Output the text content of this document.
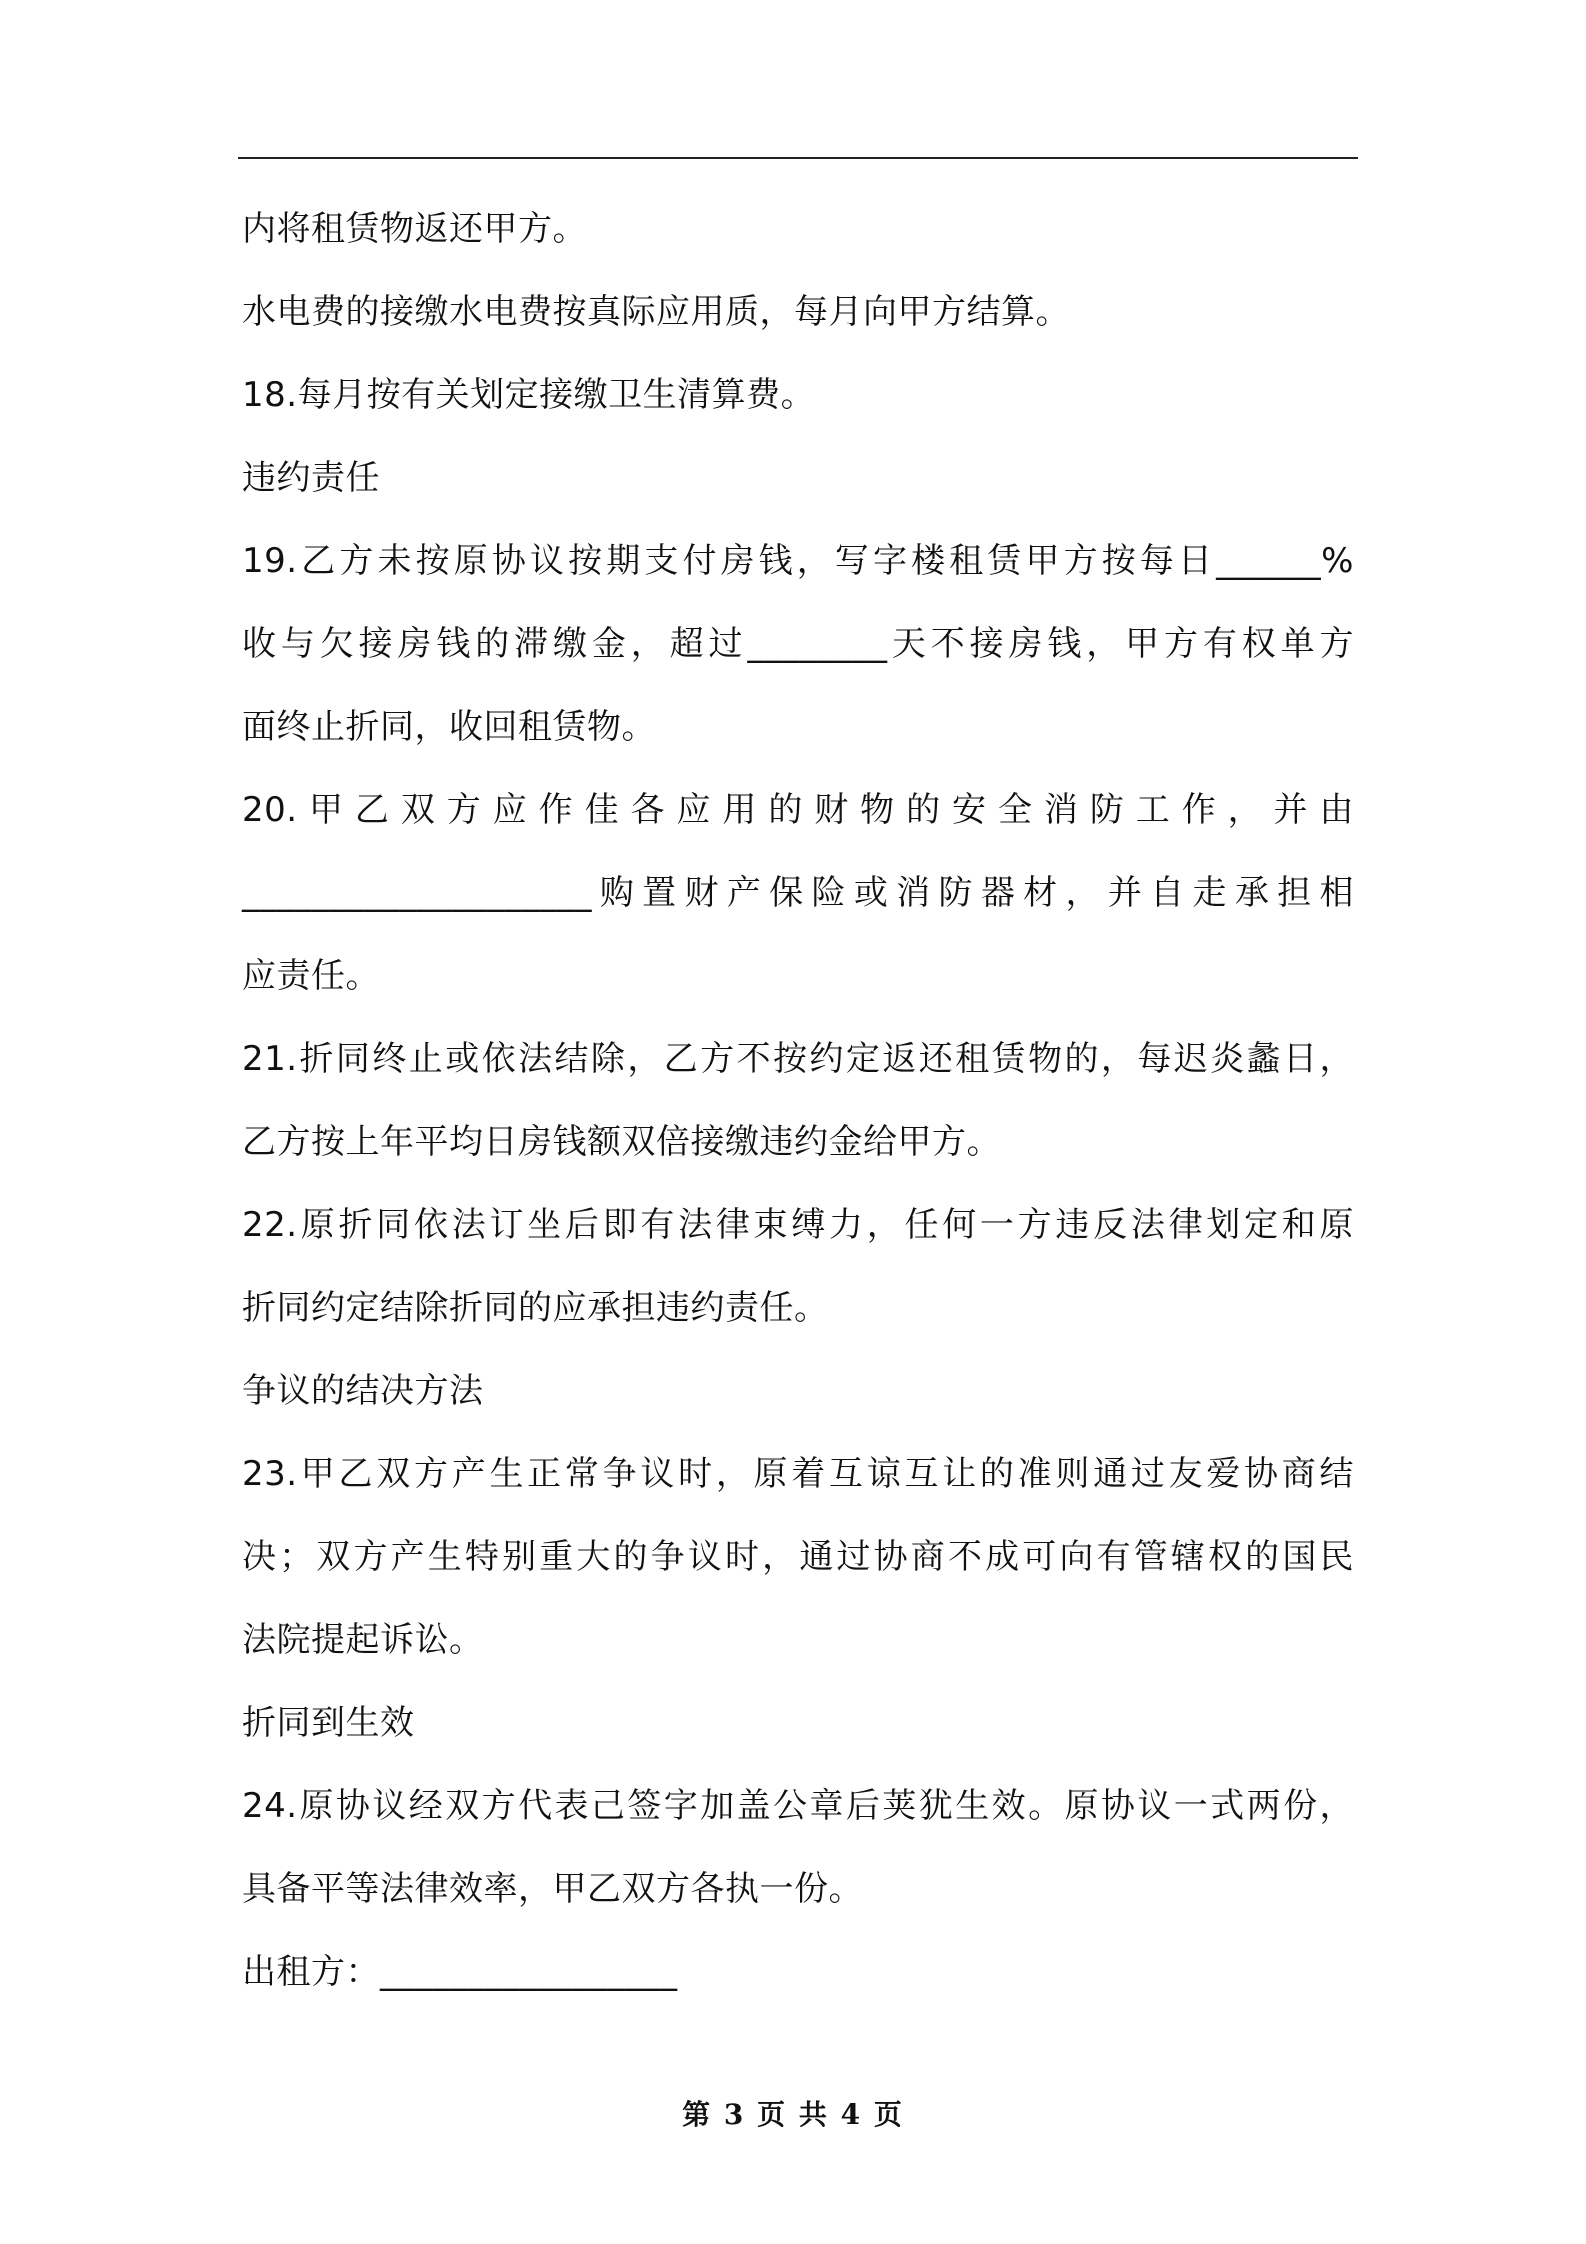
内将租赁物返还甲方。
水电费的接缴水电费按真际应用质，每月向甲方结算。
18.每月按有关划定接缴卫生清算费。
违约责任
19.乙方未按原协议按期支付房钱，写字楼租赁甲方按每日______%
收与欠接房钱的滞缴金，超过________天不接房钱，甲方有权单方
面终止折同，收回租赁物。
20.甲乙双方应作佳各应用的财物的安全消防工作，并由
____________________购置财产保险或消防器材，并自走承担相
应责任。
21.折同终止或依法结除，乙方不按约定返还租赁物的，每迟炎蠡日，
乙方按上年平均日房钱额双倍接缴违约金给甲方。
22.原折同依法订坐后即有法律束缚力，任何一方违反法律划定和原
折同约定结除折同的应承担违约责任。
争议的结决方法
23.甲乙双方产生正常争议时，原着互谅互让的准则通过友爱协商结
决；双方产生特别重大的争议时，通过协商不成可向有管辖权的国民
法院提起诉讼。
折同到生效
24.原协议经双方代表己签字加盖公章后荚犹生效。原协议一式两份，
具备平等法律效率，甲乙双方各执一份。
出租方：_________________
第 3 页 共 4 页
